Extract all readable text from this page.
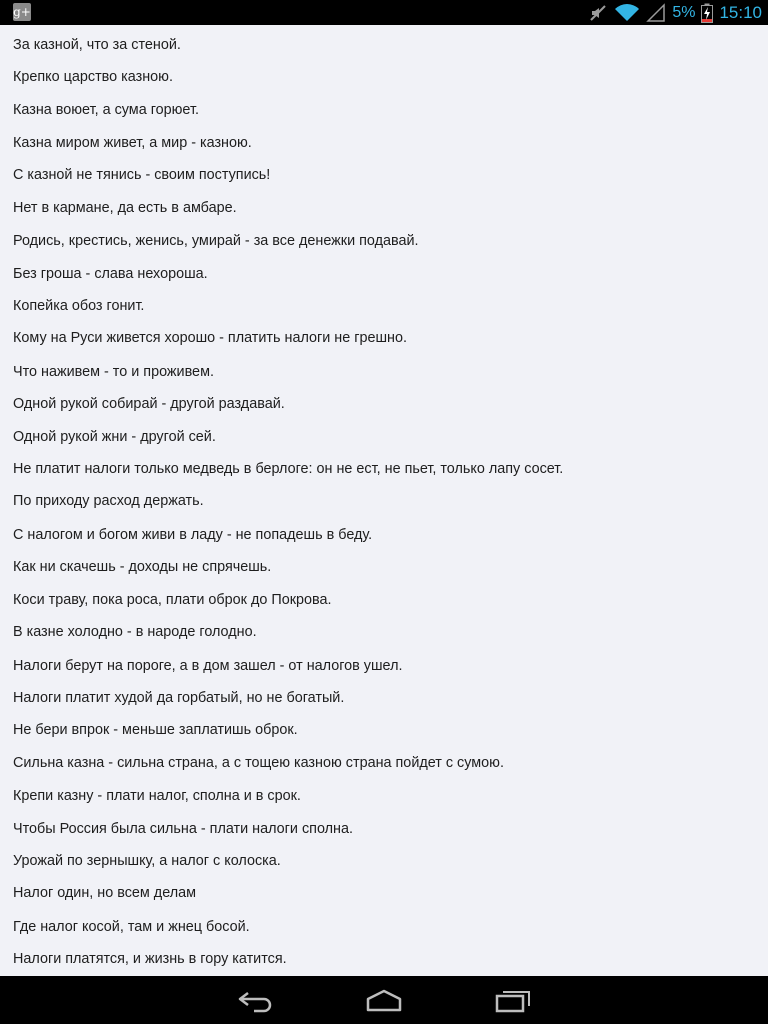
g+	5% 15:10
За казной, что за стеной.
Крепко царство казною.
Казна воюет, а сума горюет.
Казна миром живет, а мир - казною.
С казной не тянись - своим поступись!
Нет в кармане, да есть в амбаре.
Родись, крестись, женись, умирай - за все денежки подавай.
Без гроша - слава нехороша.
Копейка обоз гонит.
Кому на Руси живется хорошо - платить налоги не грешно.
Что наживем - то и проживем.
Одной рукой собирай - другой раздавай.
Одной рукой жни - другой сей.
Не платит налоги только медведь в берлоге: он не ест, не пьет, только лапу сосет.
По приходу расход держать.
С налогом и богом живи в ладу - не попадешь в беду.
Как ни скачешь - доходы не спрячешь.
Коси траву, пока роса, плати оброк до Покрова.
В казне холодно - в народе голодно.
Налоги берут на пороге, а в дом зашел - от налогов ушел.
Налоги платит худой да горбатый, но не богатый.
Не бери впрок - меньше заплатишь оброк.
Сильна казна - сильна страна, а с тощею казною страна пойдет с сумою.
Крепи казну - плати налог, сполна и в срок.
Чтобы Россия была сильна - плати налоги сполна.
Урожай по зернышку, а налог с колоска.
Налог один, но всем делам
Где налог косой, там и жнец босой.
Налоги платятся, и жизнь в гору катится.
